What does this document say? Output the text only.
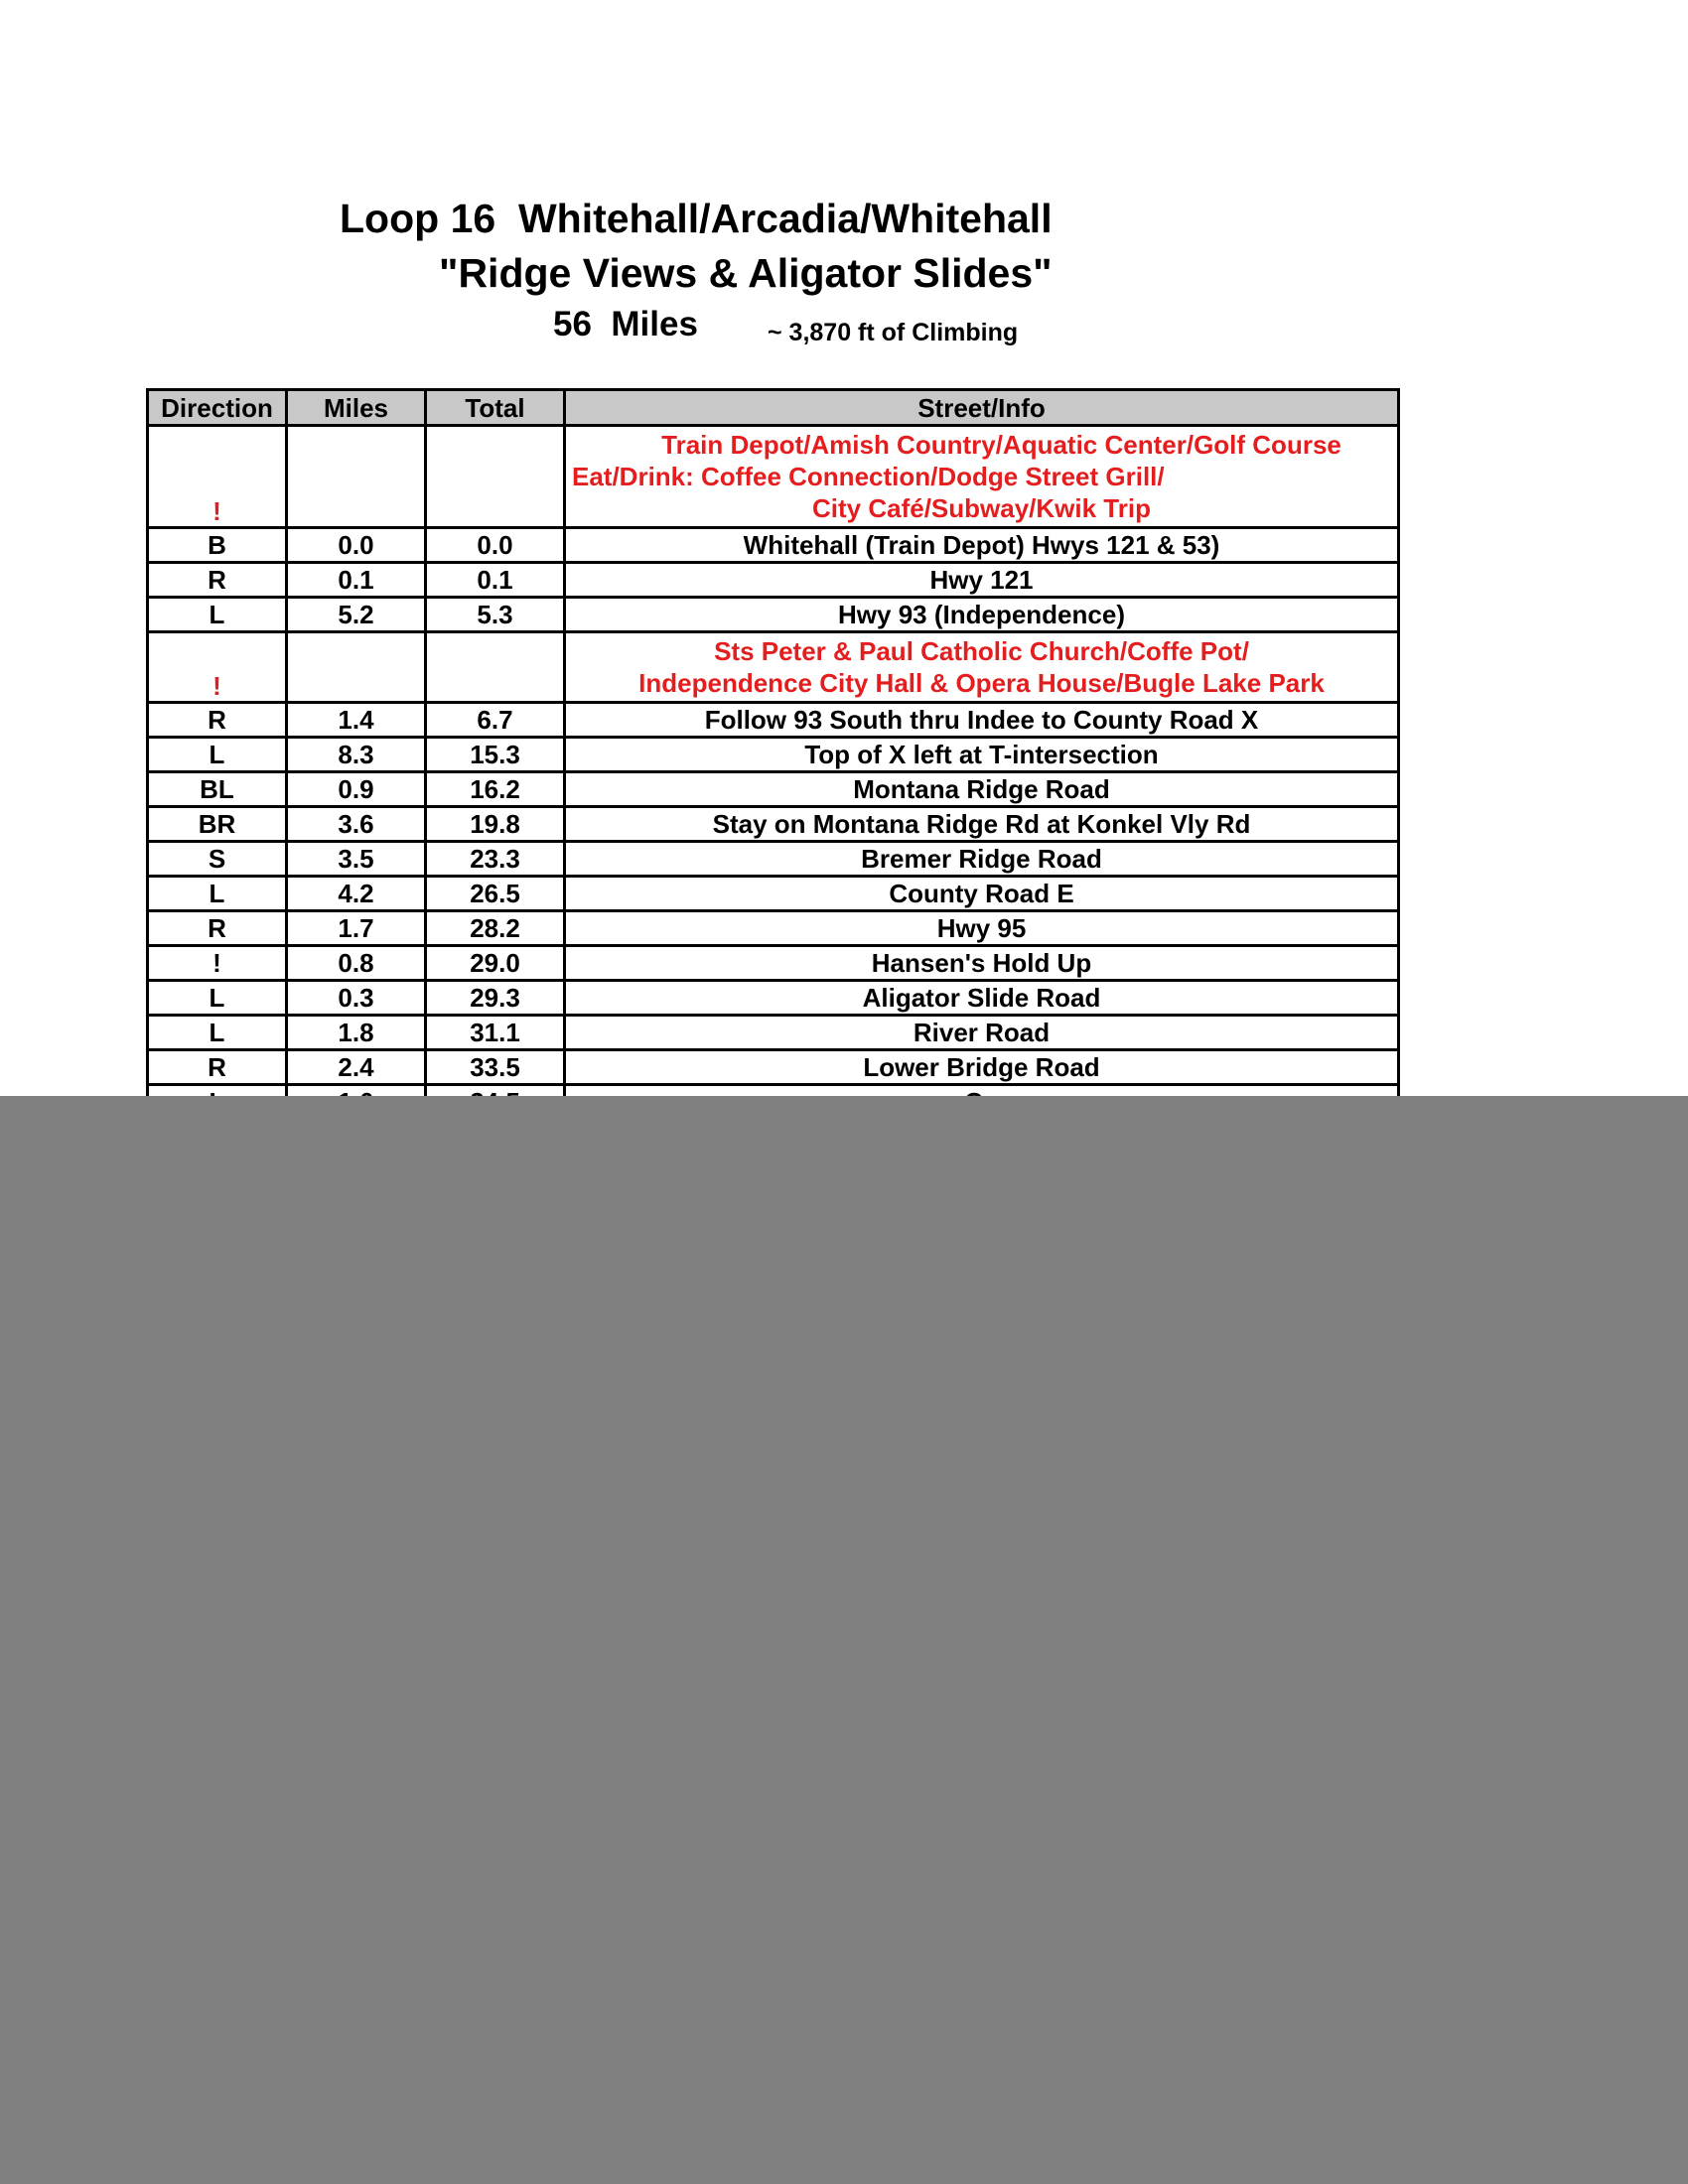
Loop 16  Whitehall/Arcadia/Whitehall
"Ridge Views & Aligator Slides"
56  Miles	~ 3,870 ft of Climbing
Direction	Miles	Total	Street/Info
!			Train Depot/Amish Country/Aquatic Center/Golf Course
Eat/Drink: Coffee Connection/Dodge Street Grill/
City Café/Subway/Kwik Trip

B	0.0	0.0	Whitehall (Train Depot) Hwys 121 & 53)
R	0.1	0.1	Hwy 121
L	5.2	5.3	Hwy 93 (Independence)
!			Sts Peter & Paul Catholic Church/Coffe Pot/
Independence City Hall & Opera House/Bugle Lake Park

R	1.4	6.7	Follow 93 South thru Indee to County Road X
L	8.3	15.3	Top of X left at T-intersection
BL	0.9	16.2	Montana Ridge Road
BR	3.6	19.8	Stay on Montana Ridge Rd at Konkel Vly Rd
S	3.5	23.3	Bremer Ridge Road
L	4.2	26.5	County Road E
R	1.7	28.2	Hwy 95
!	0.8	29.0	Hansen's Hold Up
L	0.3	29.3	Aligator Slide Road
L	1.8	31.1	River Road
R	2.4	33.5	Lower Bridge Road
